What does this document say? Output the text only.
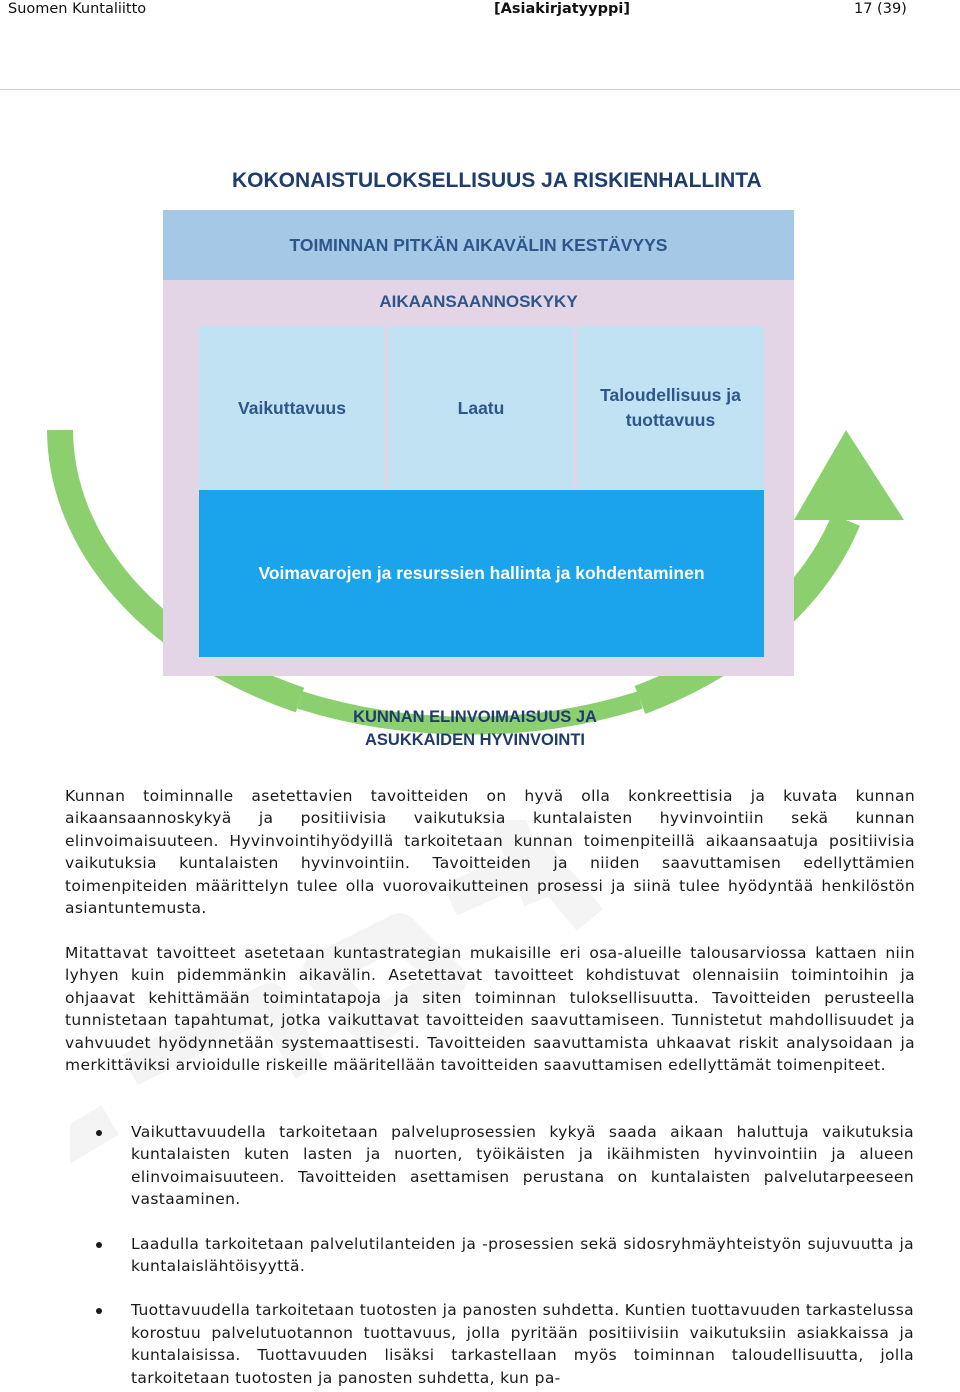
Suomen Kuntaliitto	[Asiakirjatyyppi]	17 (39)
KOKONAISTULOKSELLISUUS JA RISKIENHALLINTA
TOIMINNAN PITKÄN AIKAVÄLIN KESTÄVYYS
AIKAANSAANNOSKYKY
Vaikuttavuus	Laatu
Taloudellisuus ja
tuottavuus
Voimavarojen ja resurssien hallinta ja kohdentaminen
KUNNAN ELINVOIMAISUUS JA
ASUKKAIDEN HYVINVOINTI
Kunnan toiminnalle asetettavien tavoitteiden on hyvä olla konkreettisia ja kuvata kunnan aikaansaannoskykyä ja positiivisia vaikutuksia kuntalaisten hyvinvointiin sekä kunnan elinvoimaisuuteen. Hyvinvointihyödyillä tarkoitetaan kunnan toimenpiteillä aikaansaatuja positiivisia vaikutuksia kuntalaisten hyvinvointiin. Tavoitteiden ja niiden saavuttamisen edellyttämien toimenpiteiden määrittelyn tulee olla vuorovaikutteinen prosessi ja siinä tulee hyödyntää henkilöstön asiantuntemusta.
Mitattavat tavoitteet asetetaan kuntastrategian mukaisille eri osa-alueille talousarviossa kattaen niin lyhyen kuin pidemmänkin aikavälin. Asetettavat tavoitteet kohdistuvat olennaisiin toimintoihin ja ohjaavat kehittämään toimintatapoja ja siten toiminnan tuloksellisuutta. Tavoitteiden perusteella tunnistetaan tapahtumat, jotka vaikuttavat tavoitteiden saavuttamiseen. Tunnistetut mahdollisuudet ja vahvuudet hyödynnetään systemaattisesti. Tavoitteiden saavuttamista uhkaavat riskit analysoidaan ja merkittäviksi arvioidulle riskeille määritellään tavoitteiden saavuttamisen edellyttämät toimenpiteet.
Vaikuttavuudella tarkoitetaan palveluprosessien kykyä saada aikaan haluttuja vaikutuksia kuntalaisten kuten lasten ja nuorten, työikäisten ja ikäihmisten hyvinvointiin ja alueen elinvoimaisuuteen. Tavoitteiden asettamisen perustana on kuntalaisten palvelutarpeeseen vastaaminen.
Laadulla tarkoitetaan palvelutilanteiden ja -prosessien sekä sidosryhmäyhteistyön sujuvuutta ja kuntalaislähtöisyyttä.
Tuottavuudella tarkoitetaan tuotosten ja panosten suhdetta. Kuntien tuottavuuden tarkastelussa korostuu palvelutuotannon tuottavuus, jolla pyritään positiivisiin vaikutuksiin asiakkaissa ja kuntalaisissa. Tuottavuuden lisäksi tarkastellaan myös toiminnan taloudellisuutta, jolla tarkoitetaan tuotosten ja panosten suhdetta, kun pa-
